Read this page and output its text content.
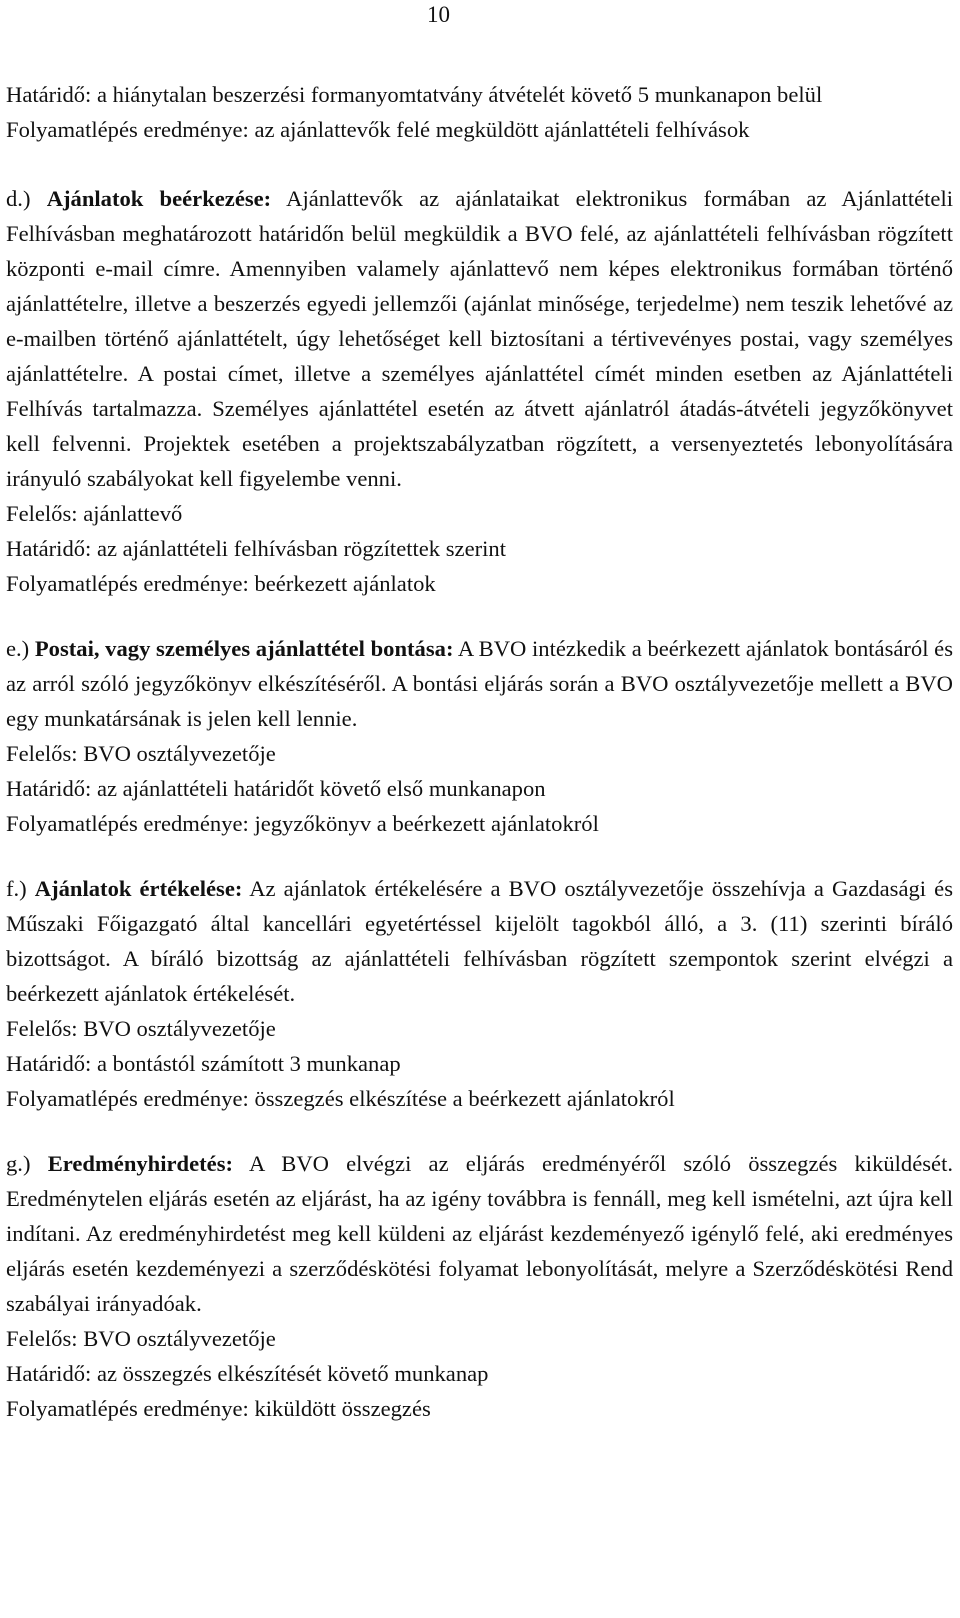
10

Határidő: a hiánytalan beszerzési formanyomtatvány átvételét követő 5 munkanapon belül

Folyamatlépés eredménye: az ajánlattevők felé megküldött ajánlattételi felhívások

d.) Ajánlatok beérkezése: Ajánlattevők az ajánlataikat elektronikus formában az Ajánlattételi Felhívásban meghatározott határidőn belül megküldik a BVO felé, az ajánlattételi felhívásban rögzített központi e-mail címre. Amennyiben valamely ajánlattevő nem képes elektronikus formában történő ajánlattételre, illetve a beszerzés egyedi jellemzői (ajánlat minősége, terjedelme) nem teszik lehetővé az e-mailben történő ajánlattételt, úgy lehetőséget kell biztosítani a tértivevényes postai, vagy személyes ajánlattételre. A postai címet, illetve a személyes ajánlattétel címét minden esetben az Ajánlattételi Felhívás tartalmazza. Személyes ajánlattétel esetén az átvett ajánlatról átadás-átvételi jegyzőkönyvet kell felvenni. Projektek esetében a projektszabályzatban rögzített, a versenyeztetés lebonyolítására irányuló szabályokat kell figyelembe venni.

Felelős: ajánlattevő

Határidő: az ajánlattételi felhívásban rögzítettek szerint

Folyamatlépés eredménye: beérkezett ajánlatok

e.) Postai, vagy személyes ajánlattétel bontása: A BVO intézkedik a beérkezett ajánlatok bontásáról és az arról szóló jegyzőkönyv elkészítéséről. A bontási eljárás során a BVO osztályvezetője mellett a BVO egy munkatársának is jelen kell lennie.

Felelős: BVO osztályvezetője

Határidő: az ajánlattételi határidőt követő első munkanapon

Folyamatlépés eredménye: jegyzőkönyv a beérkezett ajánlatokról

f.) Ajánlatok értékelése: Az ajánlatok értékelésére a BVO osztályvezetője összehívja a Gazdasági és Műszaki Főigazgató által kancellári egyetértéssel kijelölt tagokból álló, a 3. (11) szerinti bíráló bizottságot. A bíráló bizottság az ajánlattételi felhívásban rögzített szempontok szerint elvégzi a beérkezett ajánlatok értékelését.

Felelős: BVO osztályvezetője

Határidő: a bontástól számított 3 munkanap

Folyamatlépés eredménye: összegzés elkészítése a beérkezett ajánlatokról

g.) Eredményhirdetés: A BVO elvégzi az eljárás eredményéről szóló összegzés kiküldését. Eredménytelen eljárás esetén az eljárást, ha az igény továbbra is fennáll, meg kell ismételni, azt újra kell indítani. Az eredményhirdetést meg kell küldeni az eljárást kezdeményező igénylő felé, aki eredményes eljárás esetén kezdeményezi a szerződéskötési folyamat lebonyolítását, melyre a Szerződéskötési Rend szabályai irányadóak.

Felelős: BVO osztályvezetője

Határidő: az összegzés elkészítését követő munkanap

Folyamatlépés eredménye: kiküldött összegzés
